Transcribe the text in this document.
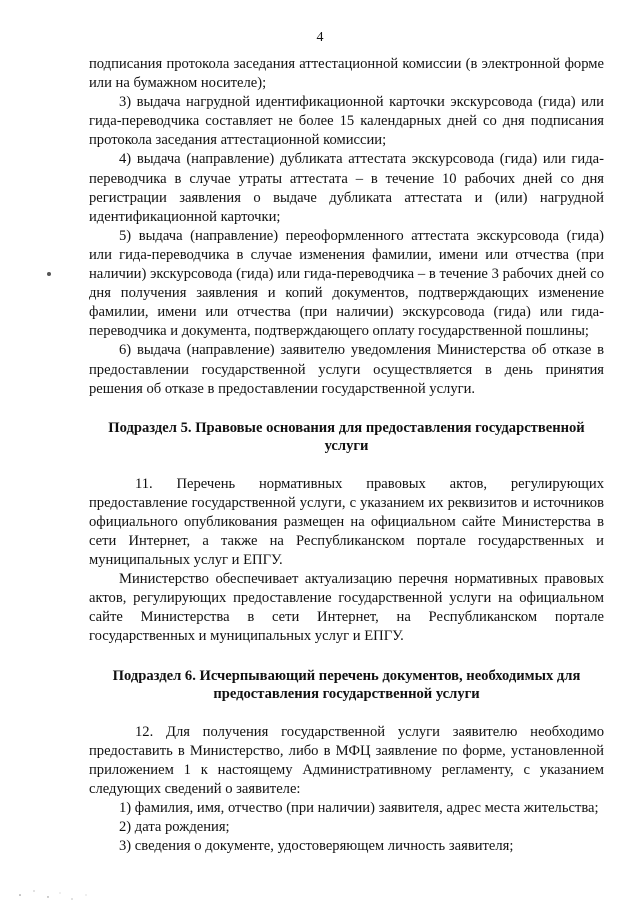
4

подписания протокола заседания аттестационной комиссии (в электронной форме или на бумажном носителе);

3) выдача нагрудной идентификационной карточки экскурсовода (гида) или гида-переводчика составляет не более 15 календарных дней со дня подписания протокола заседания аттестационной комиссии;

4) выдача (направление) дубликата аттестата экскурсовода (гида) или гида-переводчика в случае утраты аттестата – в течение 10 рабочих дней со дня регистрации заявления о выдаче дубликата аттестата и (или) нагрудной идентификационной карточки;

5) выдача (направление) переоформленного аттестата экскурсовода (гида) или гида-переводчика в случае изменения фамилии, имени или отчества (при наличии) экскурсовода (гида) или гида-переводчика – в течение 3 рабочих дней со дня получения заявления и копий документов, подтверждающих изменение фамилии, имени или отчества (при наличии) экскурсовода (гида) или гида-переводчика и документа, подтверждающего оплату государственной пошлины;

6) выдача (направление) заявителю уведомления Министерства об отказе в предоставлении государственной услуги осуществляется в день принятия решения об отказе в предоставлении государственной услуги.

Подраздел 5. Правовые основания для предоставления государственной услуги

11. Перечень нормативных правовых актов, регулирующих предоставление государственной услуги, с указанием их реквизитов и источников официального опубликования размещен на официальном сайте Министерства в сети Интернет, а также на Республиканском портале государственных и муниципальных услуг и ЕПГУ.

Министерство обеспечивает актуализацию перечня нормативных правовых актов, регулирующих предоставление государственной услуги на официальном сайте Министерства в сети Интернет, на Республиканском портале государственных и муниципальных услуг и ЕПГУ.

Подраздел 6. Исчерпывающий перечень документов, необходимых для предоставления государственной услуги

12. Для получения государственной услуги заявителю необходимо предоставить в Министерство, либо в МФЦ заявление по форме, установленной приложением 1 к настоящему Административному регламенту, с указанием следующих сведений о заявителе:

1) фамилия, имя, отчество (при наличии) заявителя, адрес места жительства;

2) дата рождения;

3) сведения о документе, удостоверяющем личность заявителя;
